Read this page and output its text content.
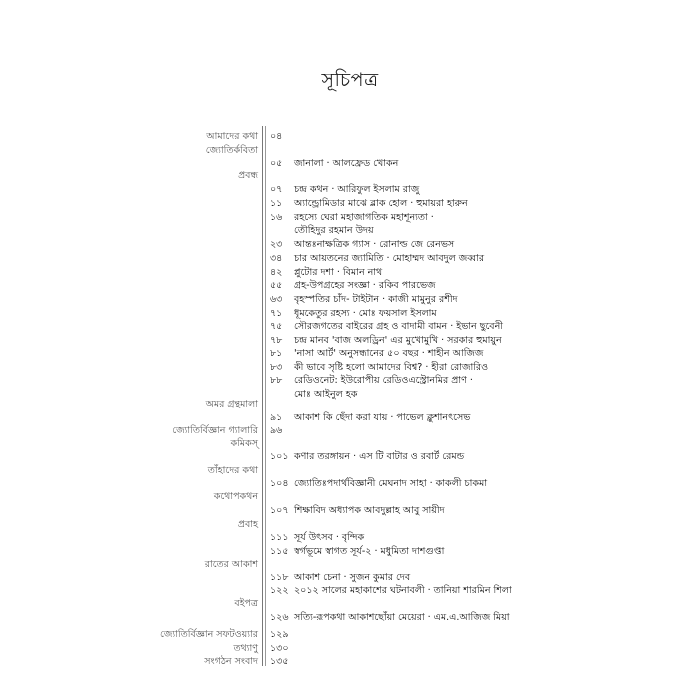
সূচিপত্র
আমাদের কথা
জ্যোতির্কবিতা
প্রবন্ধ
অমর গ্রন্থমালা
জ্যোতির্বিজ্ঞান গ্যালারি
কমিকস্
তাঁহাদের কথা
কথোপকথন
প্রবাহ
রাতের আকাশ
বইপত্র
জ্যোতির্বিজ্ঞান সফটওয়্যার
তথ্যাণু
সংগঠন সংবাদ
০৪
০৫
০৭
১১
১৬
২৩
৩৪
৪২
৫৫
৬৩
৭১
৭৫
৭৮
৮১
৮৩
৮৮
৯১
৯৬
১০১
১০৪
১০৭
১১১
১১৫
১১৮
১২২
১২৬
১২৯
১৩০
১৩৫
জানালা · আলফ্রেড খোকন
চন্দ্র কথন · আরিফুল ইসলাম রাজু
অ্যান্ড্রোমিডার মাঝে ব্লাক হোল · হুমায়রা হারুন
রহস্যে ঘেরা মহাজাগতিক মহাশূন্যতা ·
তৌহিদুর রহমান উদয়
আন্তঃনাক্ষত্রিক গ্যাস · রোনাল্ড জে রেনভস
চার আয়তনের জ্যামিতি · মোহাম্মদ আবদুল জব্বার
প্লুটোর দশা · বিমান নাথ
গ্রহ-উপগ্রহের সংজ্ঞা · রকিব পারভেজ
বৃহস্পতির চাঁদ- টাইটান · কাজী মামুনুর রশীদ
ধূমকেতুর রহস্য · মোঃ ফয়সাল ইসলাম
সৌরজগতের বাইরের গ্রহ ও বাদামী বামন · ইভান ছুবেনী
চন্দ্র মানব 'বাজ অলড্রিন' এর মুখোমুখি · সরকার হুমায়ুন
'নাসা আর্ট' অনুসন্ধানের ৫০ বছর · শাহীন আজিজ
কী ভাবে সৃষ্টি হলো আমাদের বিশ্ব? · হীরা রোজারিও
রেডিওনেট: ইউরোপীয় রেডিওএস্ট্রোনমির প্রাণ ·
মোঃ আইনুল হক
আকাশ কি ছেঁদা করা যায় · পাভেল ক্লুশানৎসেভ
কণার তরঙ্গায়ন · এস টি বাটার ও রবার্ট রেমন্ড
জ্যোতিঃপদার্থবিজ্ঞানী মেঘনাদ সাহা · কাকলী চাকমা
শিক্ষাবিদ অধ্যাপক আবদুল্লাহ আবু সায়ীদ
সূর্য উৎসব · বৃন্দিক
স্বর্গভূমে স্বাগত সূর্য-২ · মধুমিতা দাশগুপ্তা
আকাশ চেনা · সুজন কুমার দেব
২০১২ সালের মহাকাশের ঘটনাবলী · তানিয়া শারমিন শিলা
সত্যি-রূপকথা আকাশছোঁয়া মেয়েরা · এম.এ.আজিজ মিয়া
